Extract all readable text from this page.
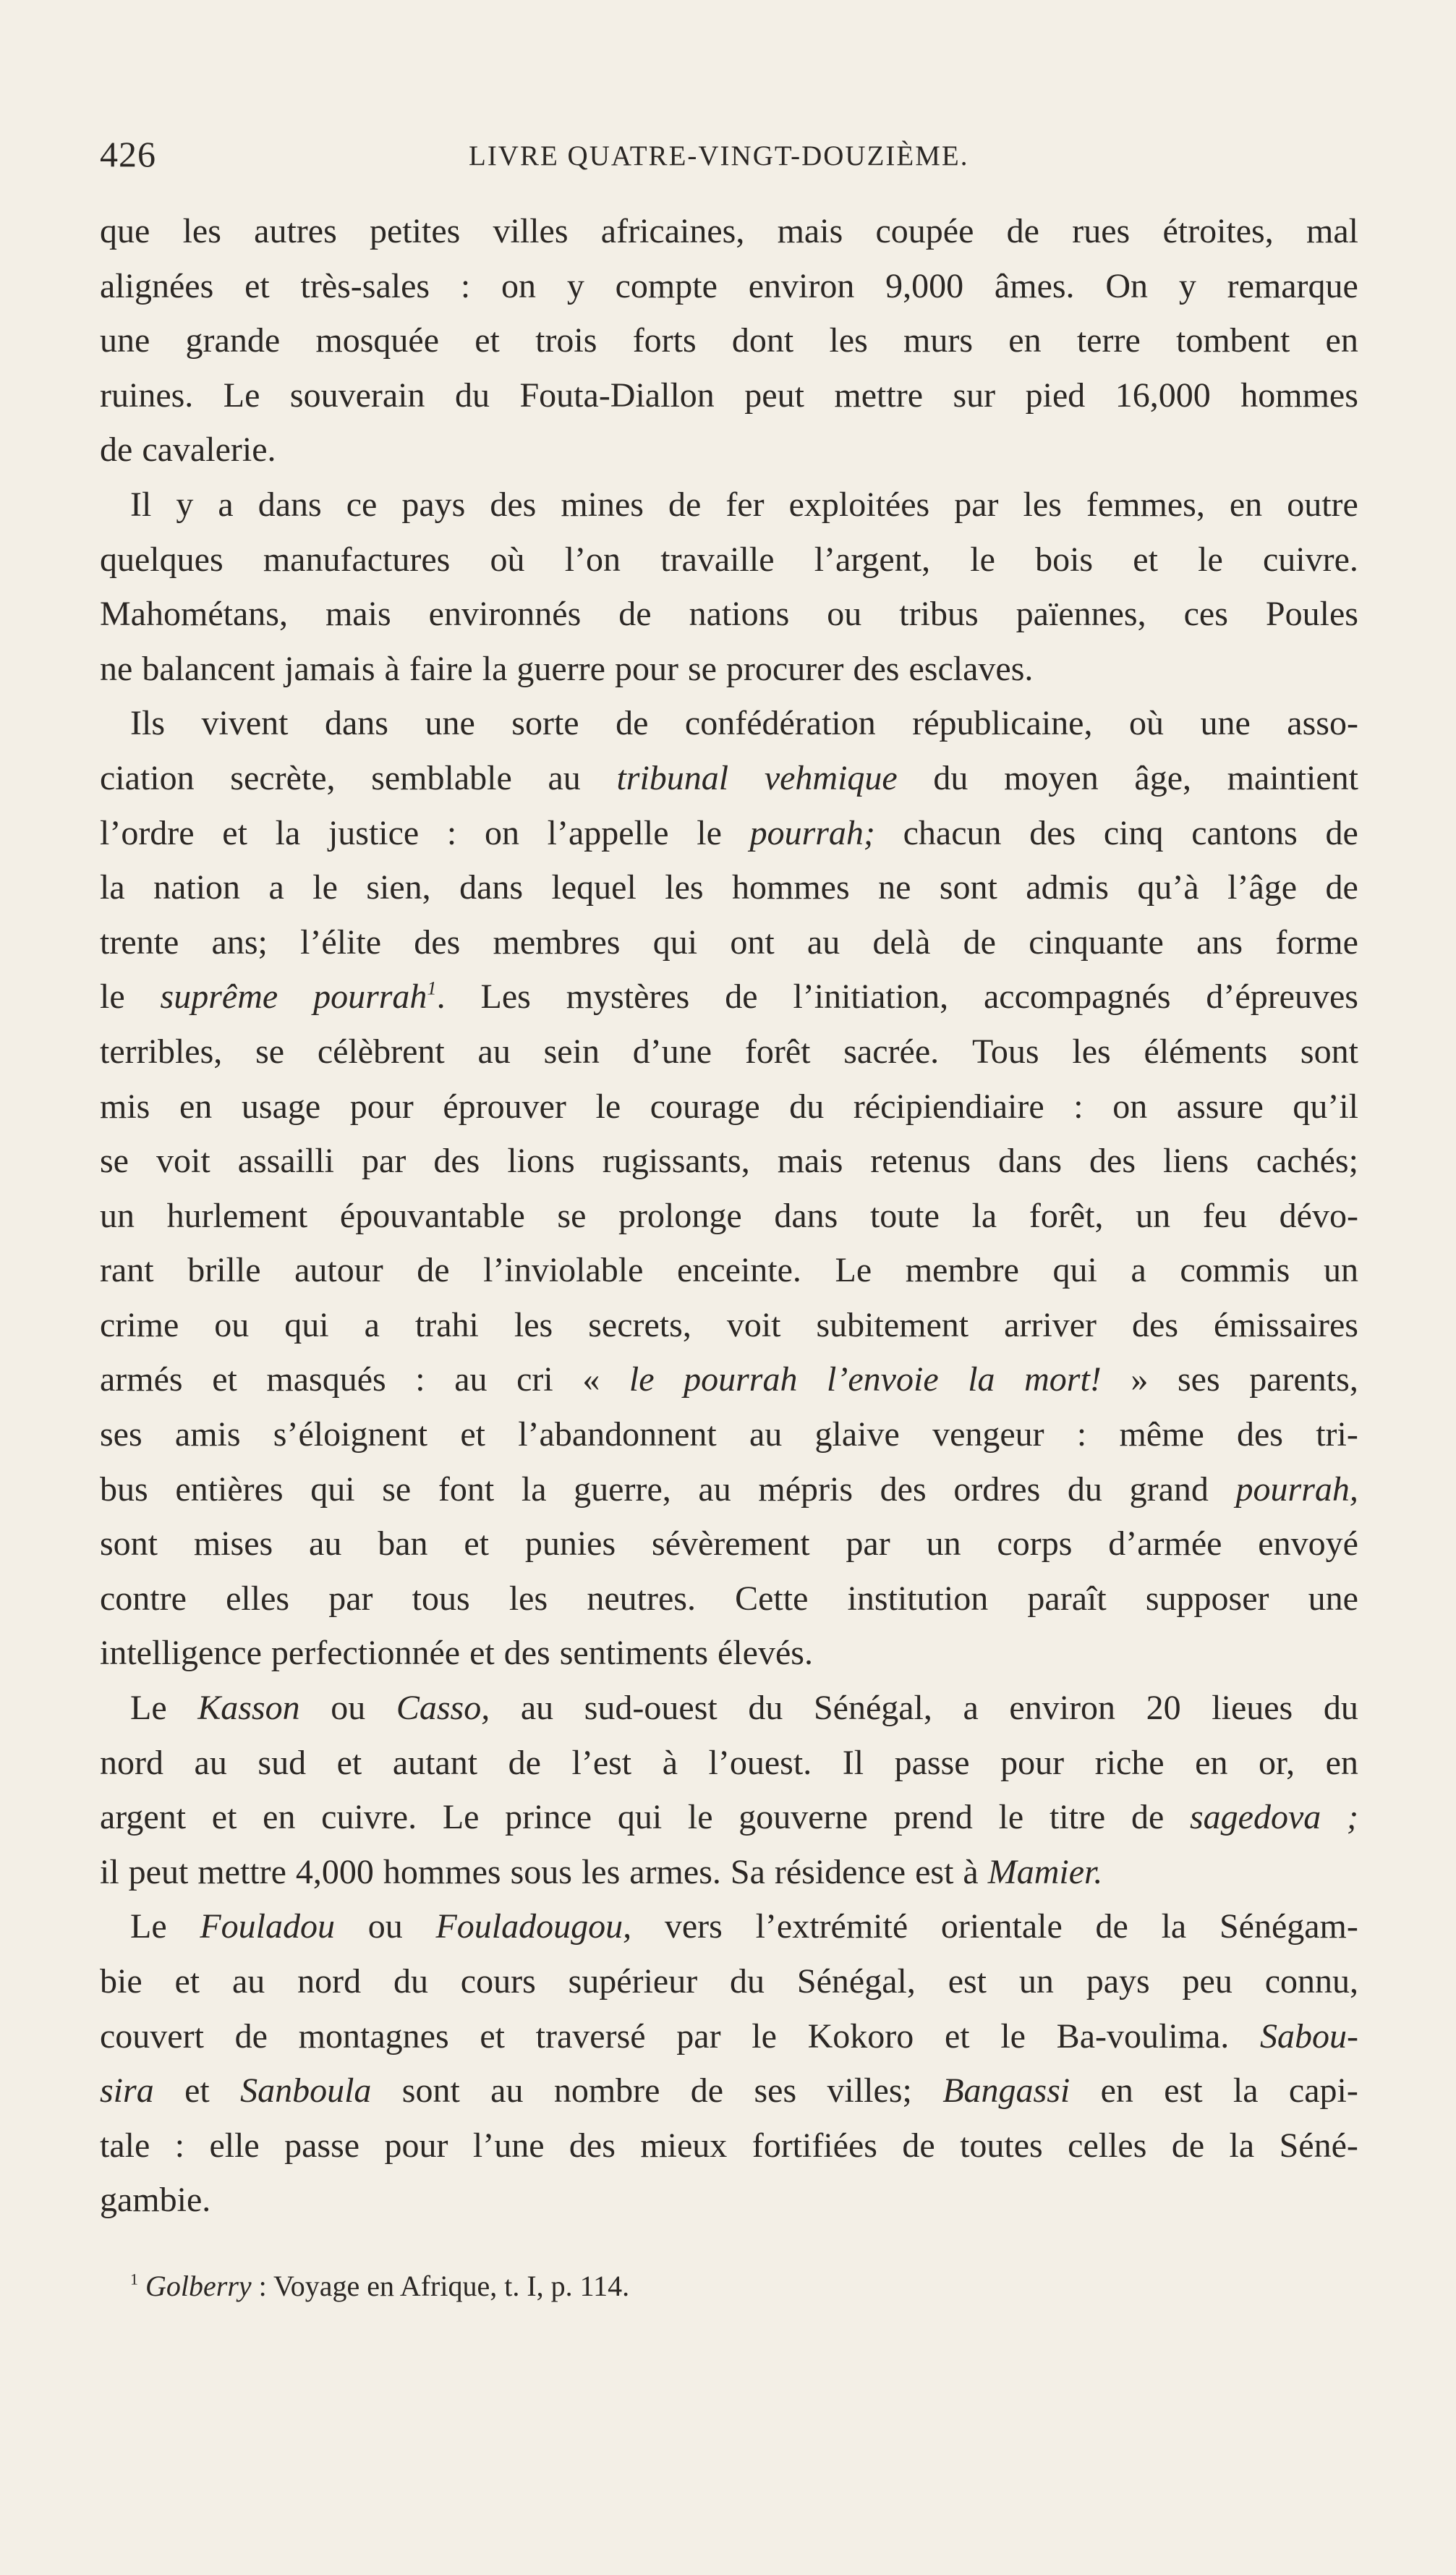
426	LIVRE QUATRE-VINGT-DOUZIÈME.
que les autres petites villes africaines, mais coupée de rues étroites, mal
alignées et très-sales : on y compte environ 9,000 âmes. On y remarque
une grande mosquée et trois forts dont les murs en terre tombent en
ruines. Le souverain du Fouta-Diallon peut mettre sur pied 16,000 hommes
de cavalerie.
Il y a dans ce pays des mines de fer exploitées par les femmes, en outre
quelques manufactures où l’on travaille l’argent, le bois et le cuivre.
Mahométans, mais environnés de nations ou tribus païennes, ces Poules
ne balancent jamais à faire la guerre pour se procurer des esclaves.
Ils vivent dans une sorte de confédération républicaine, où une asso-
ciation secrète, semblable au tribunal vehmique du moyen âge, maintient
l’ordre et la justice : on l’appelle le pourrah; chacun des cinq cantons de
la nation a le sien, dans lequel les hommes ne sont admis qu’à l’âge de
trente ans; l’élite des membres qui ont au delà de cinquante ans forme
le suprême pourrah$^1$. Les mystères de l’initiation, accompagnés d’épreuves
terribles, se célèbrent au sein d’une forêt sacrée. Tous les éléments sont
mis en usage pour éprouver le courage du récipiendiaire : on assure qu’il
se voit assailli par des lions rugissants, mais retenus dans des liens cachés;
un hurlement épouvantable se prolonge dans toute la forêt, un feu dévo-
rant brille autour de l’inviolable enceinte. Le membre qui a commis un
crime ou qui a trahi les secrets, voit subitement arriver des émissaires
armés et masqués : au cri « le pourrah l’envoie la mort! » ses parents,
ses amis s’éloignent et l’abandonnent au glaive vengeur : même des tri-
bus entières qui se font la guerre, au mépris des ordres du grand pourrah,
sont mises au ban et punies sévèrement par un corps d’armée envoyé
contre elles par tous les neutres. Cette institution paraît supposer une
intelligence perfectionnée et des sentiments élevés.
Le Kasson ou Casso, au sud-ouest du Sénégal, a environ 20 lieues du
nord au sud et autant de l’est à l’ouest. Il passe pour riche en or, en
argent et en cuivre. Le prince qui le gouverne prend le titre de sagedova ;
il peut mettre 4,000 hommes sous les armes. Sa résidence est à Mamier.
Le Fouladou ou Fouladougou, vers l’extrémité orientale de la Sénégam-
bie et au nord du cours supérieur du Sénégal, est un pays peu connu,
couvert de montagnes et traversé par le Kokoro et le Ba-voulima. Sabou-
sira et Sanboula sont au nombre de ses villes; Bangassi en est la capi-
tale : elle passe pour l’une des mieux fortifiées de toutes celles de la Séné-
gambie.
$^1$ Golberry : Voyage en Afrique, t. I, p. 114.
